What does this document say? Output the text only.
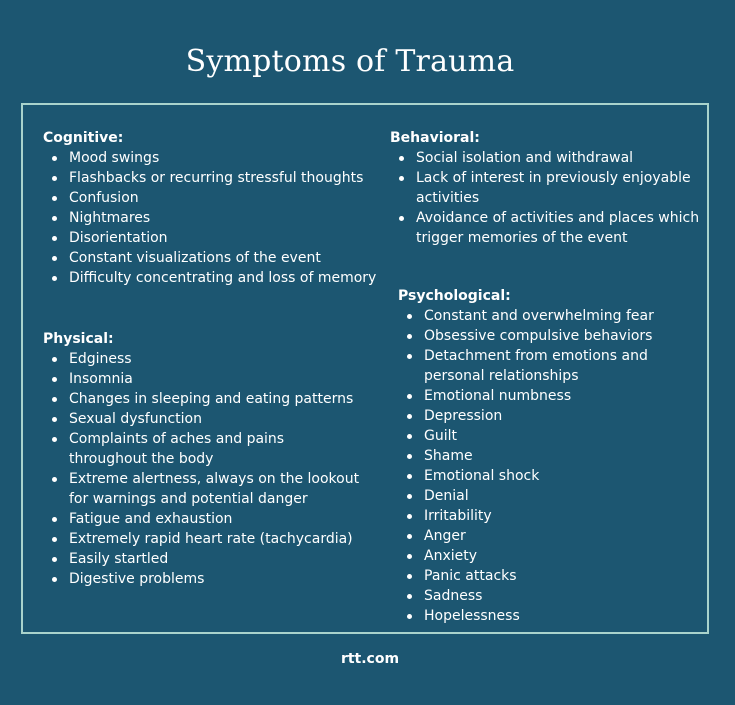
Symptoms of Trauma
Cognitive:
Mood swings
Flashbacks or recurring stressful thoughts
Confusion
Nightmares
Disorientation
Constant visualizations of the event
Difficulty concentrating and loss of memory
Physical:
Edginess
Insomnia
Changes in sleeping and eating patterns
Sexual dysfunction
Complaints of aches and pains
throughout the body
Extreme alertness, always on the lookout
for warnings and potential danger
Fatigue and exhaustion
Extremely rapid heart rate (tachycardia)
Easily startled
Digestive problems
Behavioral:
Social isolation and withdrawal
Lack of interest in previously enjoyable
activities
Avoidance of activities and places which
trigger memories of the event
Psychological:
Constant and overwhelming fear
Obsessive compulsive behaviors
Detachment from emotions and
personal relationships
Emotional numbness
Depression
Guilt
Shame
Emotional shock
Denial
Irritability
Anger
Anxiety
Panic attacks
Sadness
Hopelessness
rtt.com
